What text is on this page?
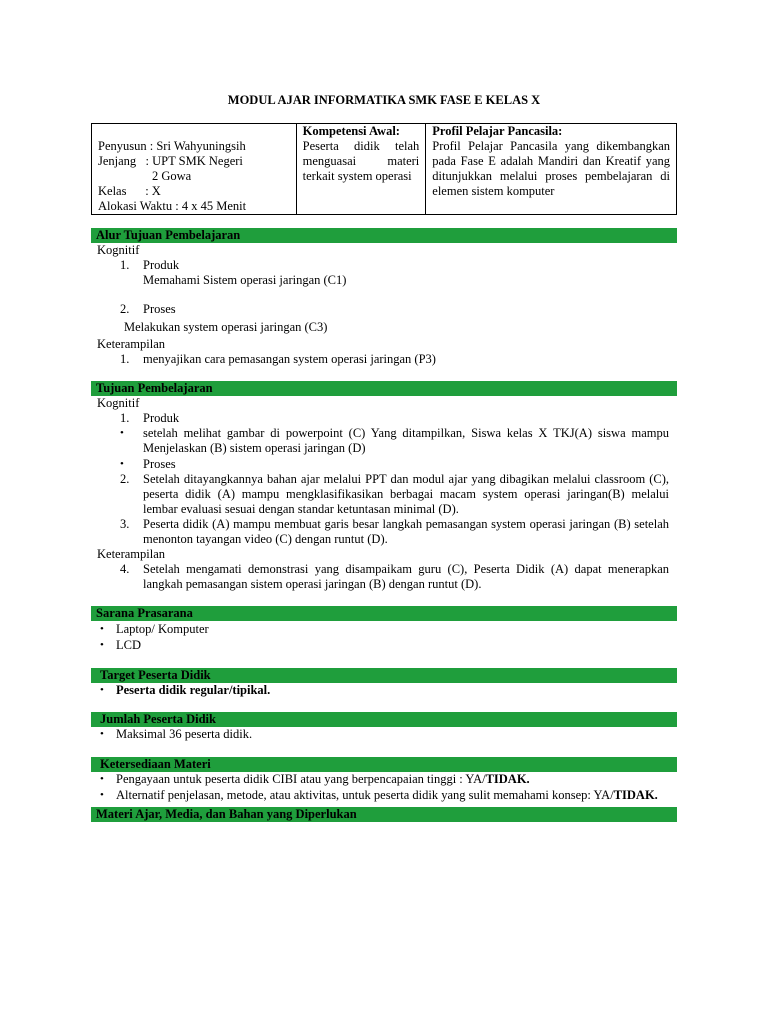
MODUL AJAR INFORMATIKA SMK FASE E KELAS X
Penyusun : Sri Wahyuningsih
Jenjang   : UPT SMK Negeri
2 Gowa
Kelas      : X
Alokasi Waktu : 4 x 45 Menit

Kompetensi Awal:
Peserta didik telah menguasai materi terkait system operasi

Profil Pelajar Pancasila:
Profil Pelajar Pancasila yang dikembangkan pada Fase E adalah Mandiri dan Kreatif yang ditunjukkan melalui proses pembelajaran di elemen sistem komputer
Alur Tujuan Pembelajaran
Kognitif
1. Produk
Memahami Sistem operasi jaringan (C1)
2. Proses
Melakukan system operasi jaringan (C3)
Keterampilan
1. menyajikan cara pemasangan system operasi jaringan (P3)
Tujuan Pembelajaran
Kognitif
1. Produk
• setelah melihat gambar di powerpoint (C) Yang ditampilkan, Siswa kelas X TKJ(A) siswa mampu Menjelaskan (B) sistem operasi jaringan (D)
• Proses
2. Setelah ditayangkannya bahan ajar melalui PPT dan modul ajar yang dibagikan melalui classroom (C), peserta didik (A) mampu mengklasifikasikan berbagai macam system operasi jaringan(B) melalui lembar evaluasi sesuai dengan standar ketuntasan minimal (D).
3. Peserta didik (A) mampu membuat garis besar langkah pemasangan system operasi jaringan (B) setelah menonton tayangan video (C) dengan runtut (D).
Keterampilan
4. Setelah mengamati demonstrasi yang disampaikam guru (C), Peserta Didik (A) dapat menerapkan langkah pemasangan sistem operasi jaringan (B) dengan runtut (D).
Sarana Prasarana
• Laptop/ Komputer
• LCD
Target Peserta Didik
• Peserta didik regular/tipikal.
Jumlah Peserta Didik
• Maksimal 36 peserta didik.
Ketersediaan Materi
• Pengayaan untuk peserta didik CIBI atau yang berpencapaian tinggi : YA/TIDAK.
• Alternatif penjelasan, metode, atau aktivitas, untuk peserta didik yang sulit memahami konsep: YA/TIDAK.
Materi Ajar, Media, dan Bahan yang Diperlukan
